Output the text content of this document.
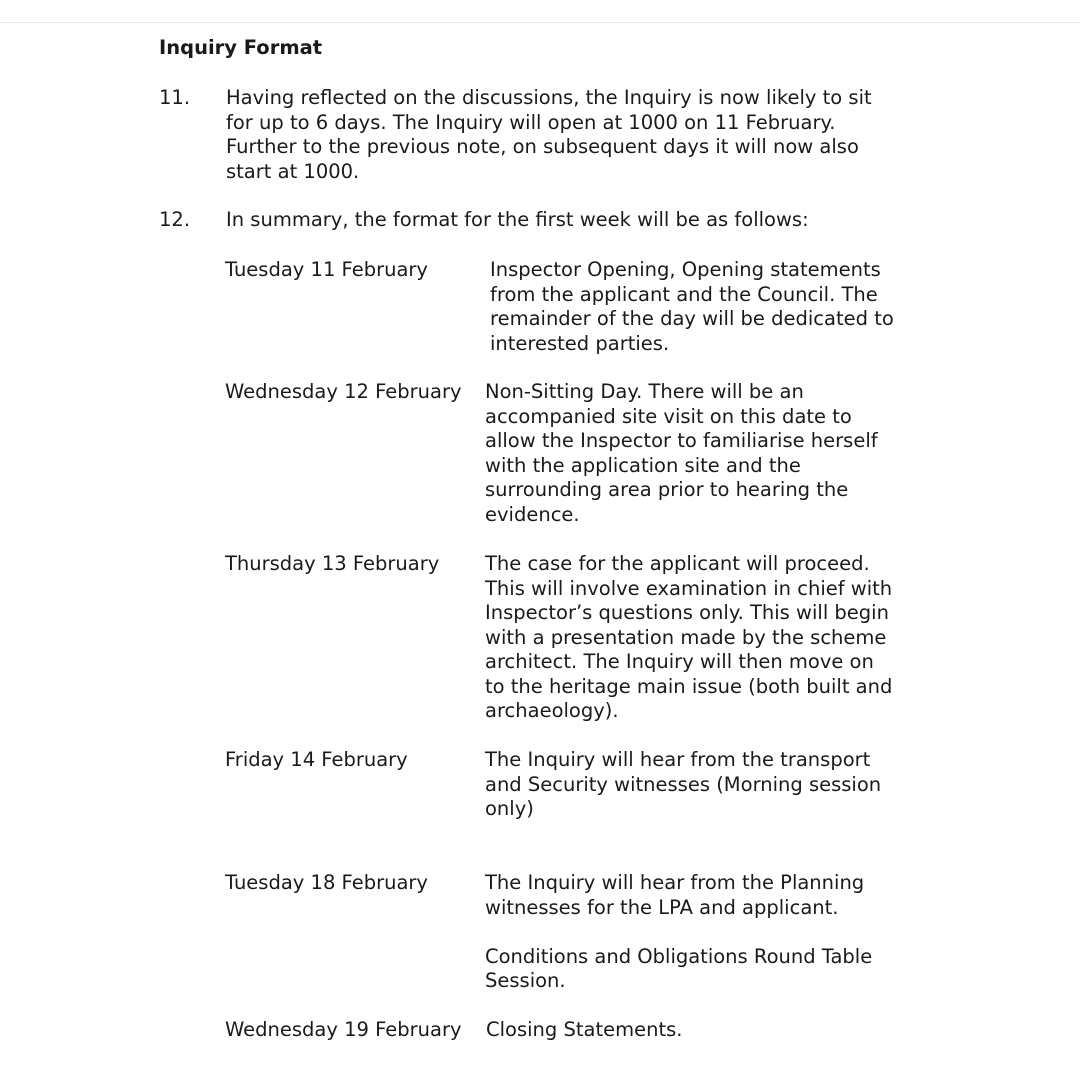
Inquiry Format
11. Having reflected on the discussions, the Inquiry is now likely to sit
for up to 6 days. The Inquiry will open at 1000 on 11 February.
Further to the previous note, on subsequent days it will now also
start at 1000.
12. In summary, the format for the first week will be as follows:
Tuesday 11 February	Inspector Opening, Opening statements
from the applicant and the Council. The
remainder of the day will be dedicated to
interested parties.
Wednesday 12 February Non-Sitting Day. There will be an
accompanied site visit on this date to
allow the Inspector to familiarise herself
with the application site and the
surrounding area prior to hearing the
evidence.
Thursday 13 February The case for the applicant will proceed.
This will involve examination in chief with
Inspector’s questions only. This will begin
with a presentation made by the scheme
architect. The Inquiry will then move on
to the heritage main issue (both built and
archaeology).
Friday 14 February	The Inquiry will hear from the transport
and Security witnesses (Morning session
only)
Tuesday 18 February	The Inquiry will hear from the Planning
witnesses for the LPA and applicant.
Conditions and Obligations Round Table
Session.
Wednesday 19 February Closing Statements.
